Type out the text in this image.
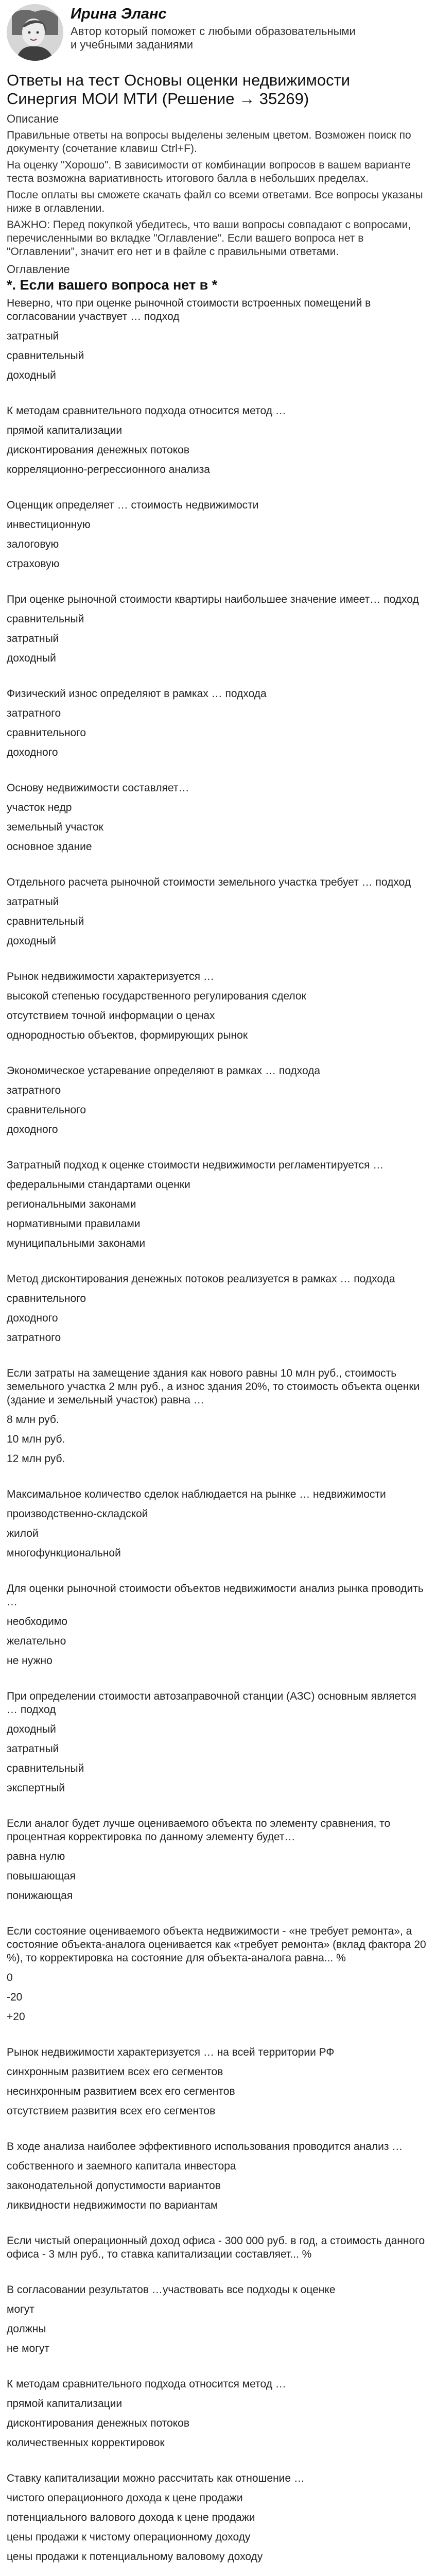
Ирина Эланс
Автор который поможет с любыми образовательными и учебными заданиями
Ответы на тест Основы оценки недвижимости Синергия МОИ МТИ (Решение → 35269)
Описание
Правильные ответы на вопросы выделены зеленым цветом. Возможен поиск по документу (сочетание клавиш Ctrl+F).
На оценку "Хорошо". В зависимости от комбинации вопросов в вашем варианте теста возможна вариативность итогового балла в небольших пределах.
После оплаты вы сможете скачать файл со всеми ответами. Все вопросы указаны ниже в оглавлении.
ВАЖНО: Перед покупкой убедитесь, что ваши вопросы совпадают с вопросами, перечисленными во вкладке "Оглавление". Если вашего вопроса нет в "Оглавлении", значит его нет и в файле с правильными ответами.
Оглавление
*. Если вашего вопроса нет в *
Неверно, что при оценке рыночной стоимости встроенных помещений в согласовании участвует … подход
затратный
сравнительный
доходный
К методам сравнительного подхода относится метод …
прямой капитализации
дисконтирования денежных потоков
корреляционно-регрессионного анализа
Оценщик определяет … стоимость недвижимости
инвестиционную
залоговую
страховую
При оценке рыночной стоимости квартиры наибольшее значение имеет… подход
сравнительный
затратный
доходный
Физический износ определяют в рамках … подхода
затратного
сравнительного
доходного
Основу недвижимости составляет…
участок недр
земельный участок
основное здание
Отдельного расчета рыночной стоимости земельного участка требует … подход
затратный
сравнительный
доходный
Рынок недвижимости характеризуется …
высокой степенью государственного регулирования сделок
отсутствием точной информации о ценах
однородностью объектов, формирующих рынок
Экономическое устаревание определяют в рамках … подхода
затратного
сравнительного
доходного
Затратный подход к оценке стоимости недвижимости регламентируется …
федеральными стандартами оценки
региональными законами
нормативными правилами
муниципальными законами
Метод дисконтирования денежных потоков реализуется в рамках … подхода
сравнительного
доходного
затратного
Если затраты на замещение здания как нового равны 10 млн руб., стоимость земельного участка 2 млн руб., а износ здания 20%, то стоимость объекта оценки (здание и земельный участок) равна …
8 млн руб.
10 млн руб.
12 млн руб.
Максимальное количество сделок наблюдается на рынке … недвижимости
производственно-складской
жилой
многофункциональной
Для оценки рыночной стоимости объектов недвижимости анализ рынка проводить …
необходимо
желательно
не нужно
При определении стоимости автозаправочной станции (АЗС) основным является … подход
доходный
затратный
сравнительный
экспертный
Если аналог будет лучше оцениваемого объекта по элементу сравнения, то процентная корректировка по данному элементу будет…
равна нулю
повышающая
понижающая
Если состояние оцениваемого объекта недвижимости - «не требует ремонта», а состояние объекта-аналога оценивается как «требует ремонта» (вклад фактора 20 %), то корректировка на состояние для объекта-аналога равна... %
0
-20
+20
Рынок недвижимости характеризуется … на всей территории РФ
синхронным развитием всех его сегментов
несинхронным развитием всех его сегментов
отсутствием развития всех его сегментов
В ходе анализа наиболее эффективного использования проводится анализ …
собственного и заемного капитала инвестора
законодательной допустимости вариантов
ликвидности недвижимости по вариантам
Если чистый операционный доход офиса - 300 000 руб. в год, а стоимость данного офиса - 3 млн руб., то ставка капитализации составляет... %
В согласовании результатов …участвовать все подходы к оценке
могут
должны
не могут
К методам сравнительного подхода относится метод …
прямой капитализации
дисконтирования денежных потоков
количественных корректировок
Ставку капитализации можно рассчитать как отношение …
чистого операционного дохода к цене продажи
потенциального валового дохода к цене продажи
цены продажи к чистому операционному доходу
цены продажи к потенциальному валовому доходу
